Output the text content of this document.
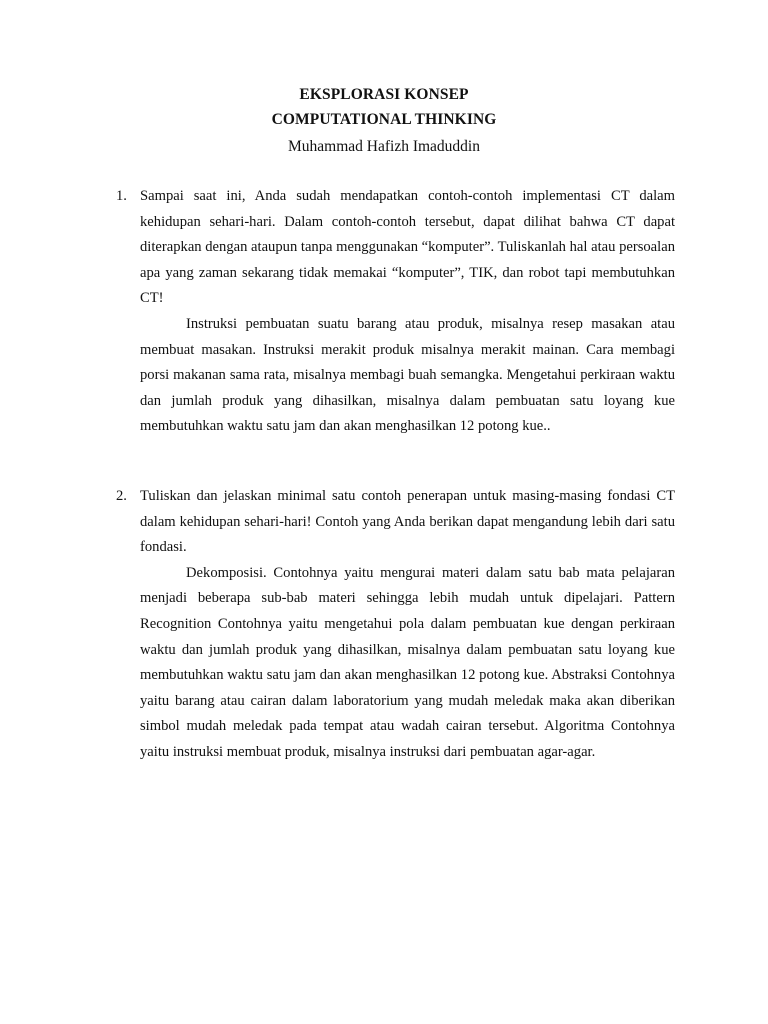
EKSPLORASI KONSEP
COMPUTATIONAL THINKING
Muhammad Hafizh Imaduddin
1. Sampai saat ini, Anda sudah mendapatkan contoh-contoh implementasi CT dalam kehidupan sehari-hari. Dalam contoh-contoh tersebut, dapat dilihat bahwa CT dapat diterapkan dengan ataupun tanpa menggunakan “komputer”. Tuliskanlah hal atau persoalan apa yang zaman sekarang tidak memakai “komputer”, TIK, dan robot tapi membutuhkan CT!

Instruksi pembuatan suatu barang atau produk, misalnya resep masakan atau membuat masakan. Instruksi merakit produk misalnya merakit mainan. Cara membagi porsi makanan sama rata, misalnya membagi buah semangka. Mengetahui perkiraan waktu dan jumlah produk yang dihasilkan, misalnya dalam pembuatan satu loyang kue membutuhkan waktu satu jam dan akan menghasilkan 12 potong kue..

2. Tuliskan dan jelaskan minimal satu contoh penerapan untuk masing-masing fondasi CT dalam kehidupan sehari-hari! Contoh yang Anda berikan dapat mengandung lebih dari satu fondasi.

Dekomposisi. Contohnya yaitu mengurai materi dalam satu bab mata pelajaran menjadi beberapa sub-bab materi sehingga lebih mudah untuk dipelajari. Pattern Recognition Contohnya yaitu mengetahui pola dalam pembuatan kue dengan perkiraan waktu dan jumlah produk yang dihasilkan, misalnya dalam pembuatan satu loyang kue membutuhkan waktu satu jam dan akan menghasilkan 12 potong kue. Abstraksi Contohnya yaitu barang atau cairan dalam laboratorium yang mudah meledak maka akan diberikan simbol mudah meledak pada tempat atau wadah cairan tersebut. Algoritma Contohnya yaitu instruksi membuat produk, misalnya instruksi dari pembuatan agar-agar.
